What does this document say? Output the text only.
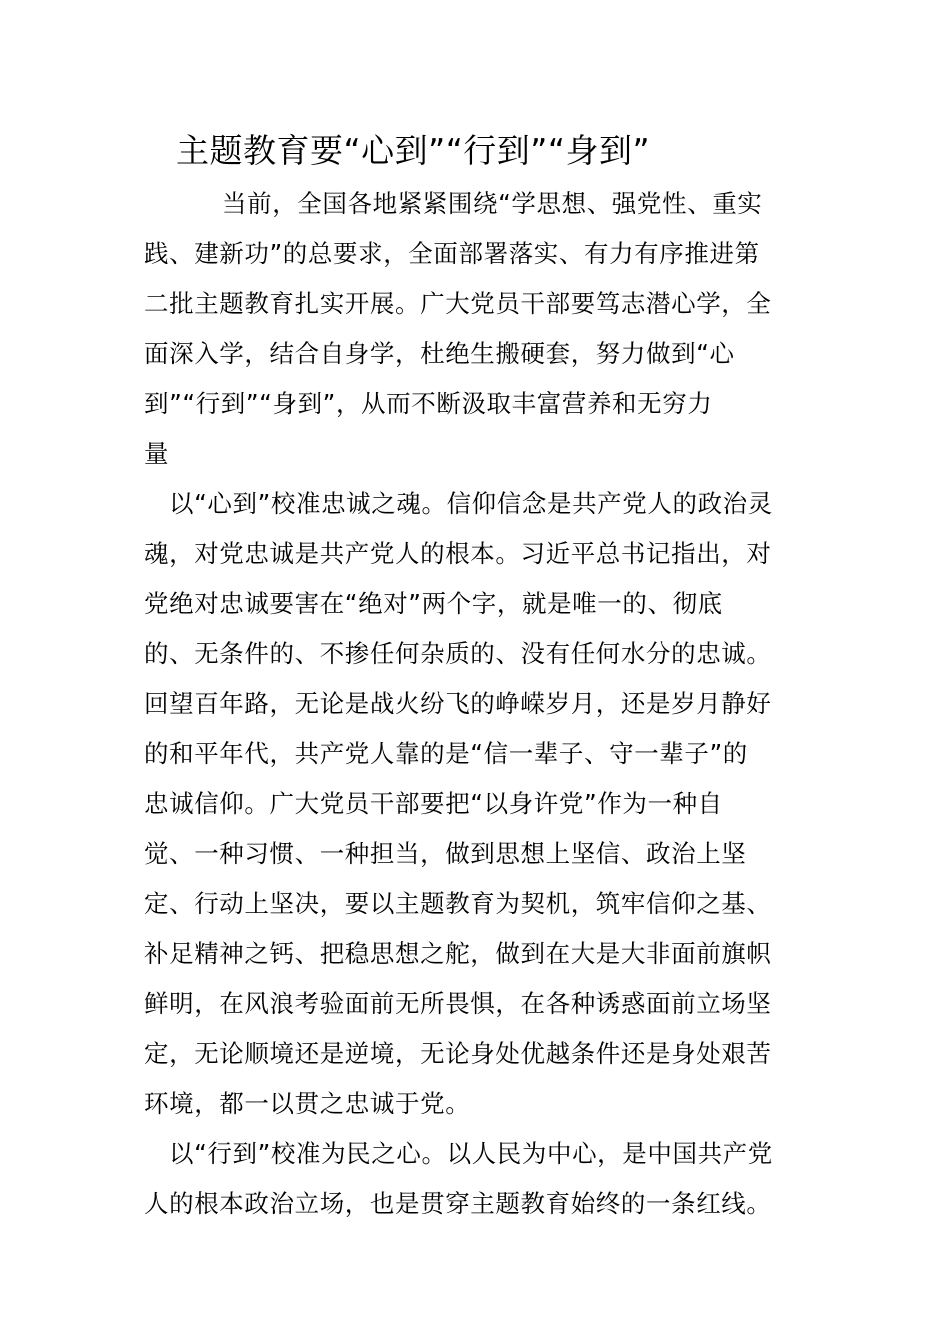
主题教育要“心到”“行到”“身到”
当前，全国各地紧紧围绕“学思想、强党性、重实
践、建新功”的总要求，全面部署落实、有力有序推进第
二批主题教育扎实开展。广大党员干部要笃志潜心学，全
面深入学，结合自身学，杜绝生搬硬套，努力做到“心
到”“行到”“身到”，从而不断汲取丰富营养和无穷力
量
以“心到”校准忠诚之魂。信仰信念是共产党人的政治灵
魂，对党忠诚是共产党人的根本。习近平总书记指出，对
党绝对忠诚要害在“绝对”两个字，就是唯一的、彻底
的、无条件的、不掺任何杂质的、没有任何水分的忠诚。
回望百年路，无论是战火纷飞的峥嵘岁月，还是岁月静好
的和平年代，共产党人靠的是“信一辈子、守一辈子”的
忠诚信仰。广大党员干部要把“以身许党”作为一种自
觉、一种习惯、一种担当，做到思想上坚信、政治上坚
定、行动上坚决，要以主题教育为契机，筑牢信仰之基、
补足精神之钙、把稳思想之舵，做到在大是大非面前旗帜
鲜明，在风浪考验面前无所畏惧，在各种诱惑面前立场坚
定，无论顺境还是逆境，无论身处优越条件还是身处艰苦
环境，都一以贯之忠诚于党。
以“行到”校准为民之心。以人民为中心，是中国共产党
人的根本政治立场，也是贯穿主题教育始终的一条红线。
